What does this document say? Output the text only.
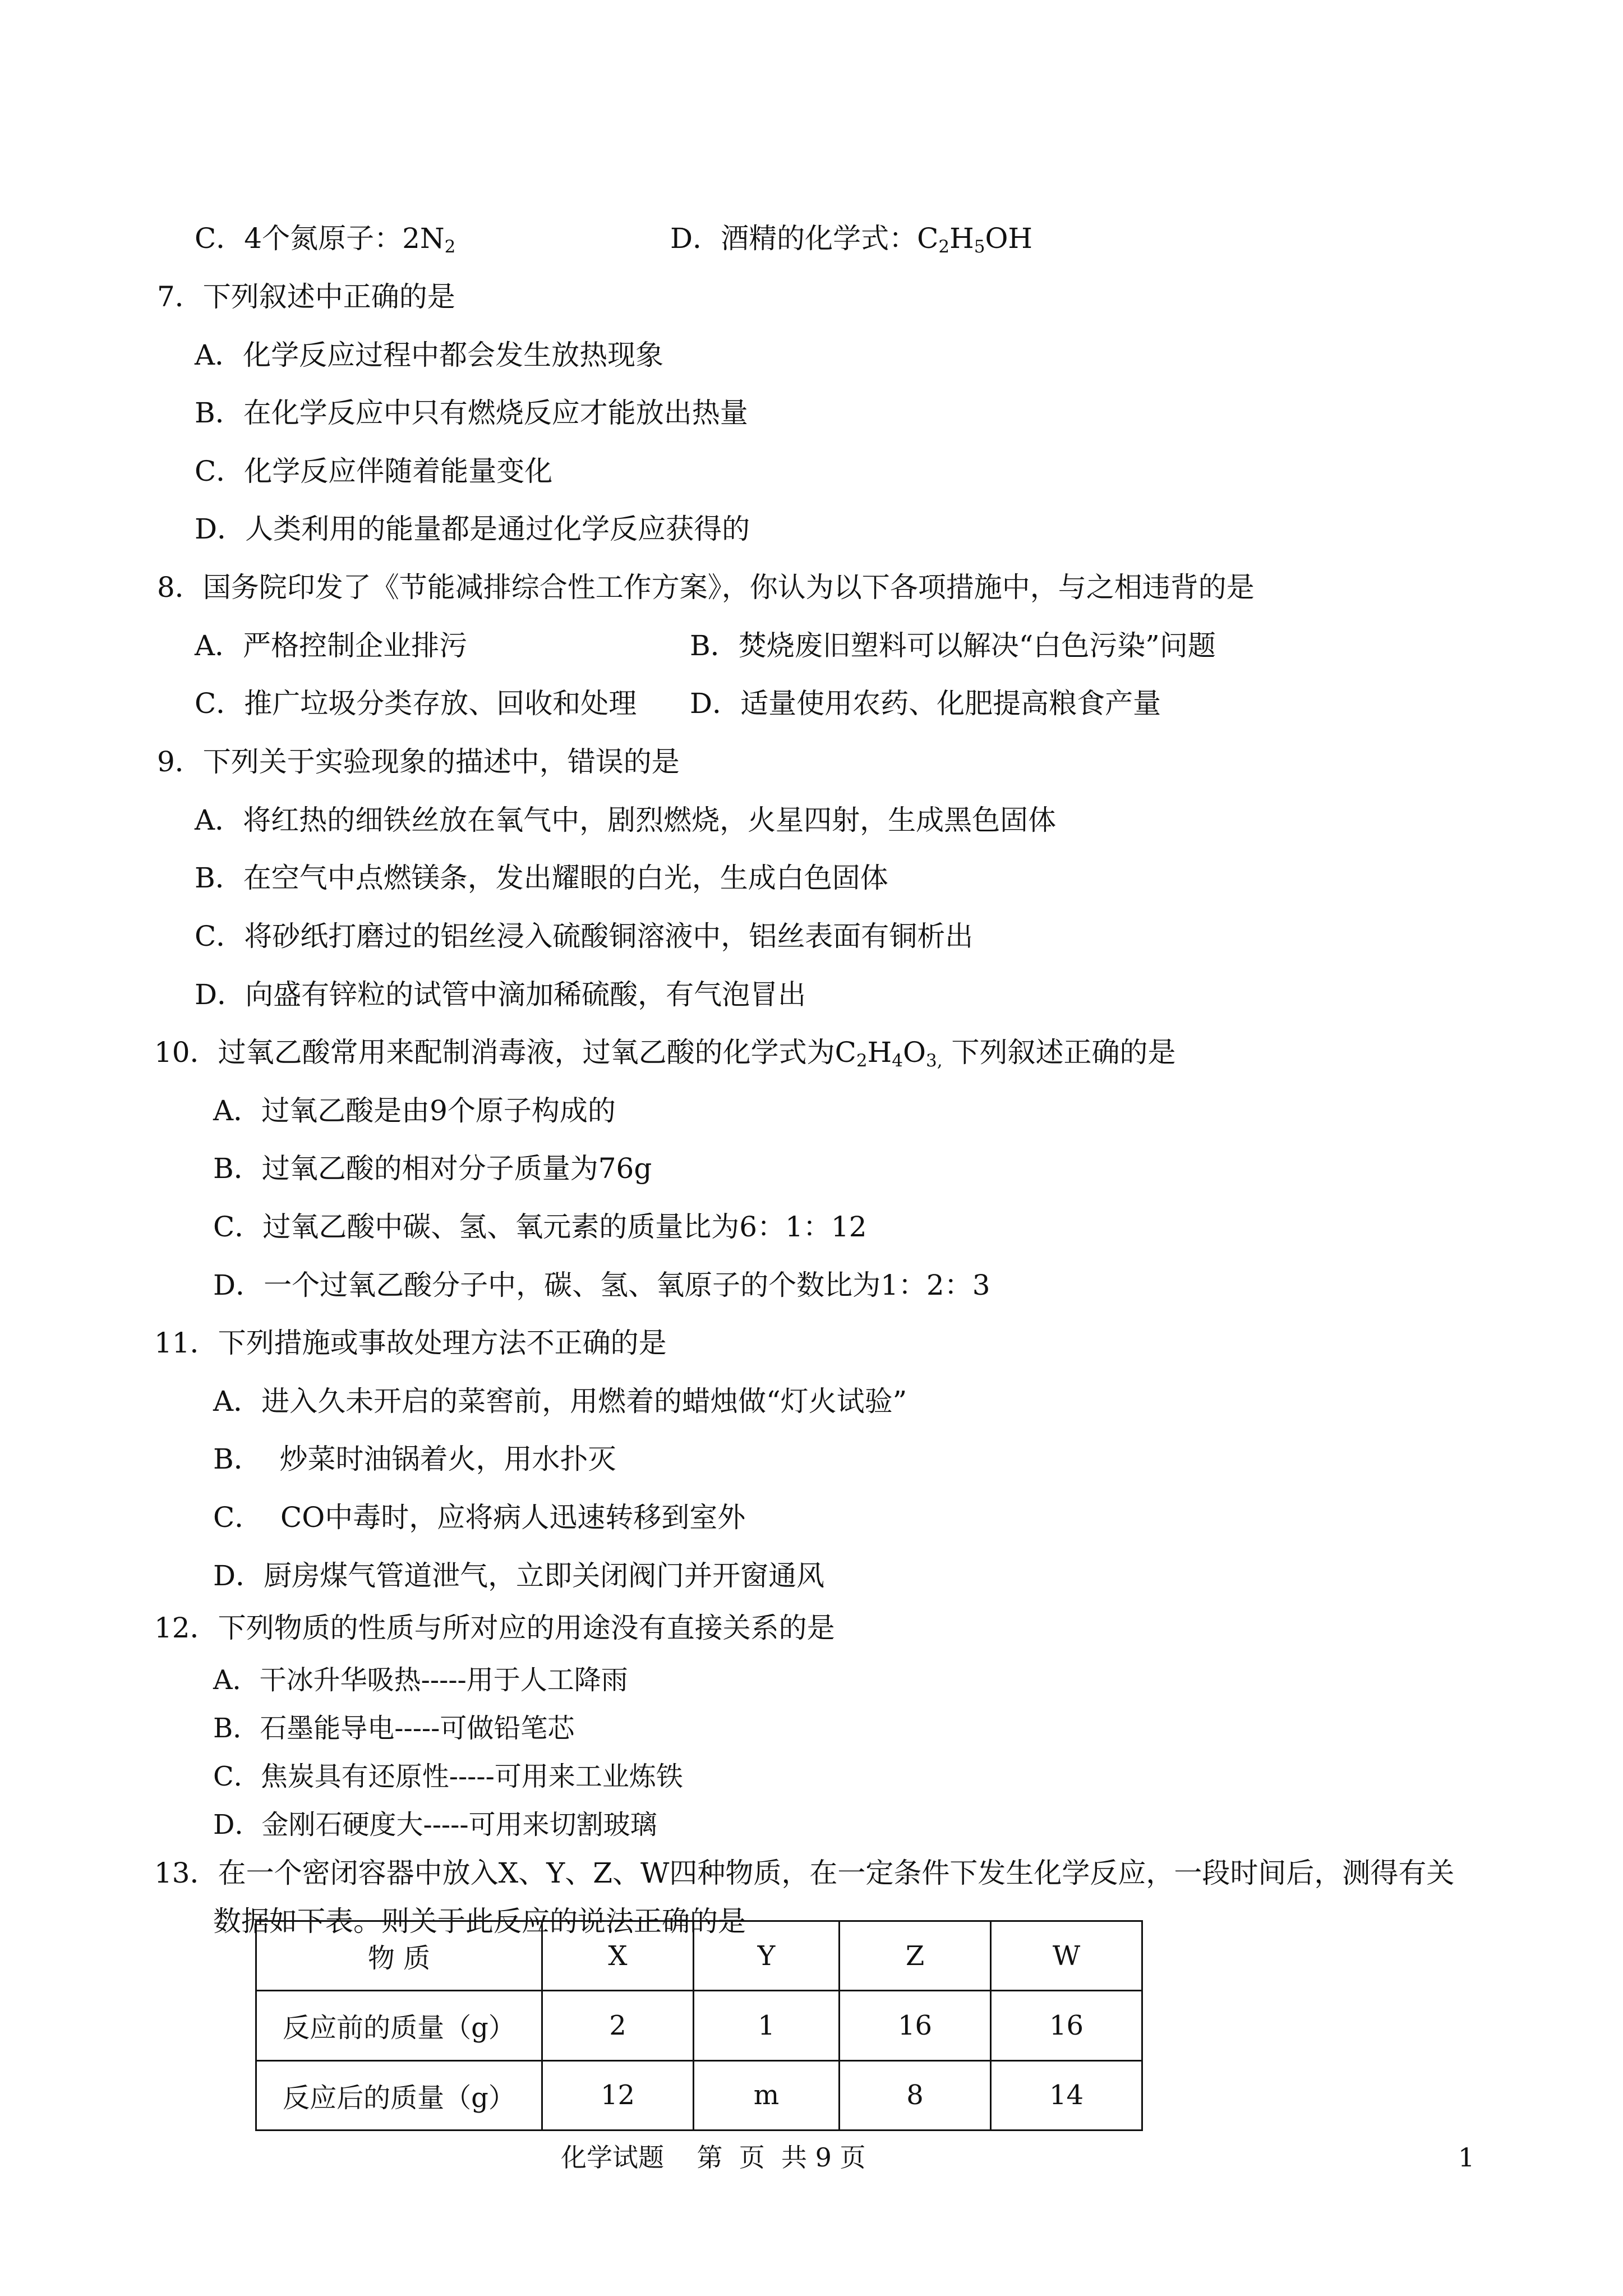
C．4个氮原子：$2N_2$	D．酒精的化学式：$C_2H_5OH$
7．下列叙述中正确的是
A．化学反应过程中都会发生放热现象
B．在化学反应中只有燃烧反应才能放出热量
C．化学反应伴随着能量变化
D．人类利用的能量都是通过化学反应获得的
8．国务院印发了《节能减排综合性工作方案》，你认为以下各项措施中，与之相违背的是
A．严格控制企业排污	B．焚烧废旧塑料可以解决“白色污染”问题
C．推广垃圾分类存放、回收和处理 D．适量使用农药、化肥提高粮食产量
9．下列关于实验现象的描述中，错误的是
A．将红热的细铁丝放在氧气中，剧烈燃烧，火星四射，生成黑色固体
B．在空气中点燃镁条，发出耀眼的白光，生成白色固体
C．将砂纸打磨过的铝丝浸入硫酸铜溶液中，铝丝表面有铜析出
D．向盛有锌粒的试管中滴加稀硫酸，有气泡冒出
10．过氧乙酸常用来配制消毒液，过氧乙酸的化学式为$C_2H_4O_{3,}$ 下列叙述正确的是
A．过氧乙酸是由9个原子构成的
B．过氧乙酸的相对分子质量为76g
C．过氧乙酸中碳、氢、氧元素的质量比为6：1：12
D．一个过氧乙酸分子中，碳、氢、氧原子的个数比为1：2：3
11．下列措施或事故处理方法不正确的是
A．进入久未开启的菜窖前，用燃着的蜡烛做“灯火试验”
B．  炒菜时油锅着火，用水扑灭
C．  CO中毒时，应将病人迅速转移到室外
D．厨房煤气管道泄气，立即关闭阀门并开窗通风
12．下列物质的性质与所对应的用途没有直接关系的是
A．干冰升华吸热-----用于人工降雨
B．石墨能导电-----可做铅笔芯
C．焦炭具有还原性-----可用来工业炼铁
D．金刚石硬度大-----可用来切割玻璃
13．在一个密闭容器中放入X、Y、Z、W四种物质，在一定条件下发生化学反应，一段时间后，测得有关
数据如下表。则关于此反应的说法正确的是
物 质	X	Y	Z	W
反应前的质量（g）	2	1	16	16
反应后的质量（g）	12	m	8	14
化学试题    第  页  共 9 页	1
